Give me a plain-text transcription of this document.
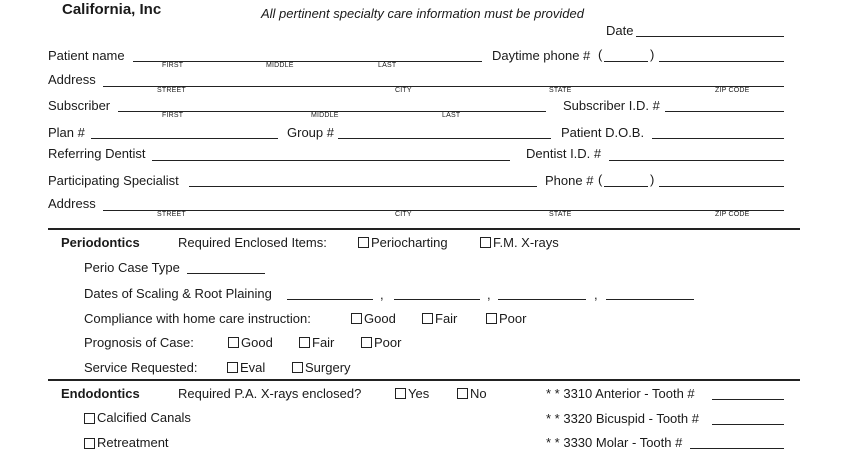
California, Inc	All pertinent specialty care information must be provided
Date
Patient name
FIRST	MIDDLE	LAST
Daytime phone # (	)
Address
STREET	CITY	STATE	ZIP CODE
Subscriber
FIRST	MIDDLE	LAST
Subscriber I.D. #
Plan #	Group #	Patient D.O.B.
Referring Dentist	Dentist I.D. #
Participating Specialist	Phone # (	)
Address
STREET	CITY	STATE	ZIP CODE
Periodontics	Required Enclosed Items:	Periocharting	F.M. X-rays
Perio Case Type
Dates of Scaling & Root Plaining	,	,	,
Compliance with home care instruction:	Good	Fair	Poor
Prognosis of Case:	Good	Fair	Poor
Service Requested:	Eval	Surgery
Endodontics	Required P.A. X-rays enclosed?	Yes	No	* * 3310 Anterior - Tooth #
Calcified Canals	* * 3320 Bicuspid - Tooth #
Retreatment	* * 3330 Molar - Tooth #
